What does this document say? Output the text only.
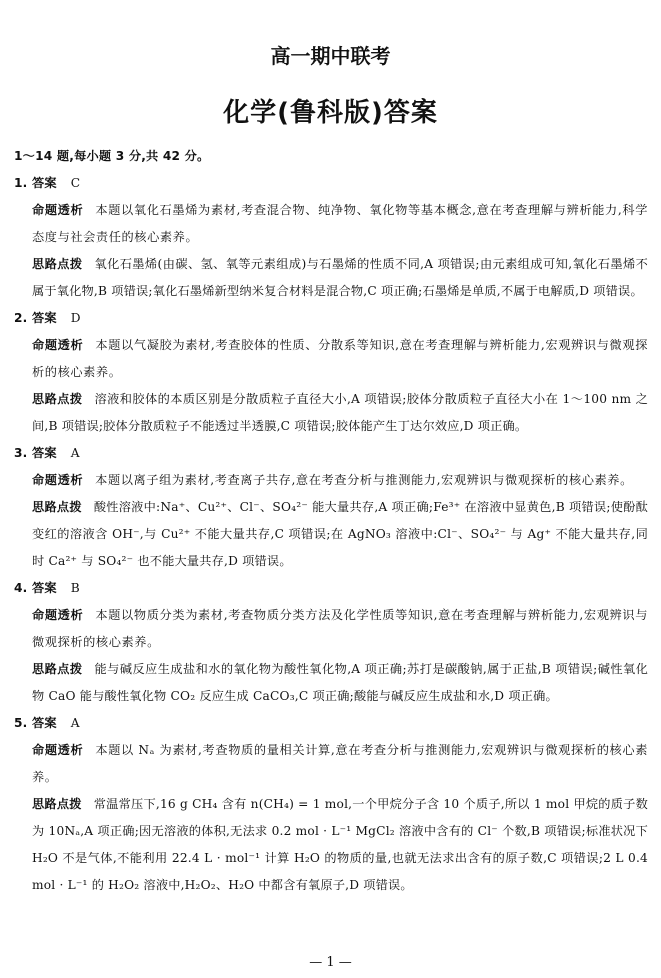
高一期中联考
化学(鲁科版)答案

1～14 题,每小题 3 分,共 42 分。

1. 答案 C

命题透析 本题以氧化石墨烯为素材,考查混合物、纯净物、氧化物等基本概念,意在考查理解与辨析能力,科学态度与社会责任的核心素养。

思路点拨 氧化石墨烯(由碳、氢、氧等元素组成)与石墨烯的性质不同,A 项错误;由元素组成可知,氧化石墨烯不属于氧化物,B 项错误;氧化石墨烯新型纳米复合材料是混合物,C 项正确;石墨烯是单质,不属于电解质,D 项错误。

2. 答案 D

命题透析 本题以气凝胶为素材,考查胶体的性质、分散系等知识,意在考查理解与辨析能力,宏观辨识与微观探析的核心素养。

思路点拨 溶液和胶体的本质区别是分散质粒子直径大小,A 项错误;胶体分散质粒子直径大小在 1～100 nm 之间,B 项错误;胶体分散质粒子不能透过半透膜,C 项错误;胶体能产生丁达尔效应,D 项正确。

3. 答案 A

命题透析 本题以离子组为素材,考查离子共存,意在考查分析与推测能力,宏观辨识与微观探析的核心素养。

思路点拨 酸性溶液中:Na⁺、Cu²⁺、Cl⁻、SO₄²⁻ 能大量共存,A 项正确;Fe³⁺ 在溶液中显黄色,B 项错误;使酚酞变红的溶液含 OH⁻,与 Cu²⁺ 不能大量共存,C 项错误;在 AgNO₃ 溶液中:Cl⁻、SO₄²⁻ 与 Ag⁺ 不能大量共存,同时 Ca²⁺ 与 SO₄²⁻ 也不能大量共存,D 项错误。

4. 答案 B

命题透析 本题以物质分类为素材,考查物质分类方法及化学性质等知识,意在考查理解与辨析能力,宏观辨识与微观探析的核心素养。

思路点拨 能与碱反应生成盐和水的氧化物为酸性氧化物,A 项正确;苏打是碳酸钠,属于正盐,B 项错误;碱性氧化物 CaO 能与酸性氧化物 CO₂ 反应生成 CaCO₃,C 项正确;酸能与碱反应生成盐和水,D 项正确。

5. 答案 A

命题透析 本题以 Nₐ 为素材,考查物质的量相关计算,意在考查分析与推测能力,宏观辨识与微观探析的核心素养。

思路点拨 常温常压下,16 g CH₄ 含有 n(CH₄) = 1 mol,一个甲烷分子含 10 个质子,所以 1 mol 甲烷的质子数为 10Nₐ,A 项正确;因无溶液的体积,无法求 0.2 mol · L⁻¹ MgCl₂ 溶液中含有的 Cl⁻ 个数,B 项错误;标准状况下 H₂O 不是气体,不能利用 22.4 L · mol⁻¹ 计算 H₂O 的物质的量,也就无法求出含有的原子数,C 项错误;2 L 0.4 mol · L⁻¹ 的 H₂O₂ 溶液中,H₂O₂、H₂O 中都含有氧原子,D 项错误。

— 1 —
